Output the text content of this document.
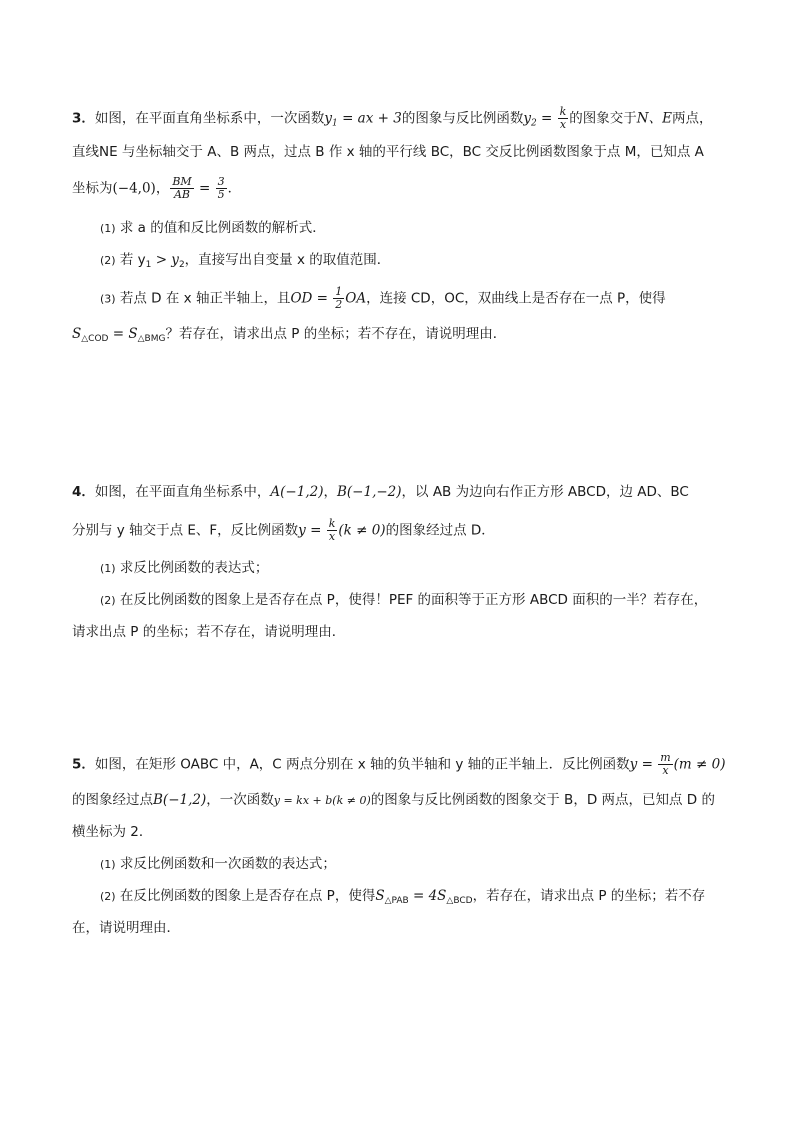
3．如图，在平面直角坐标系中，一次函数$y_1$ = ax + 3的图象与反比例函数$y_2 = \frac{k}{x}$ 的图象交于N、E两点，
直线NE 与坐标轴交于 A、B 两点，过点 B 作 x 轴的平行线 BC，BC 交反比例函数图象于点 M，已知点 A
坐标为(−4,0)， $\frac{BM}{AB} = \frac{3}{5}$ ．
(1) 求 a 的值和反比例函数的解析式．
(2) 若 $y_1 > y_2$，直接写出自变量 x 的取值范围．
(3) 若点 D 在 x 轴正半轴上，且OD = $\frac{1}{2}$ OA，连接 CD，OC，双曲线上是否存在一点 P，使得
$S_{\triangle COD} = S_{\triangle BMG}$？若存在，请求出点 P 的坐标；若不存在，请说明理由．
4．如图，在平面直角坐标系中，A(−1,2)，B(−1,−2)，以 AB 为边向右作正方形 ABCD，边 AD、BC
分别与 y 轴交于点 E、F，反比例函数$y = \frac{k}{x} (k \ne 0)$的图象经过点 D．
(1) 求反比例函数的表达式；
(2) 在反比例函数的图象上是否存在点 P，使得！PEF 的面积等于正方形 ABCD 面积的一半？若存在，
请求出点 P 的坐标；若不存在，请说明理由．
5．如图，在矩形 OABC 中，A，C 两点分别在 x 轴的负半轴和 y 轴的正半轴上．反比例函数$y = \frac{m}{x} (m \ne 0)$
的图象经过点B(−1,2)，一次函数y = kx + b(k ≠ 0)的图象与反比例函数的图象交于 B，D 两点，已知点 D 的
横坐标为 2．
(1) 求反比例函数和一次函数的表达式；
(2) 在反比例函数的图象上是否存在点 P，使得$S_{\triangle PAB} = 4S_{\triangle BCD}$，若存在，请求出点 P 的坐标；若不存
在，请说明理由．
